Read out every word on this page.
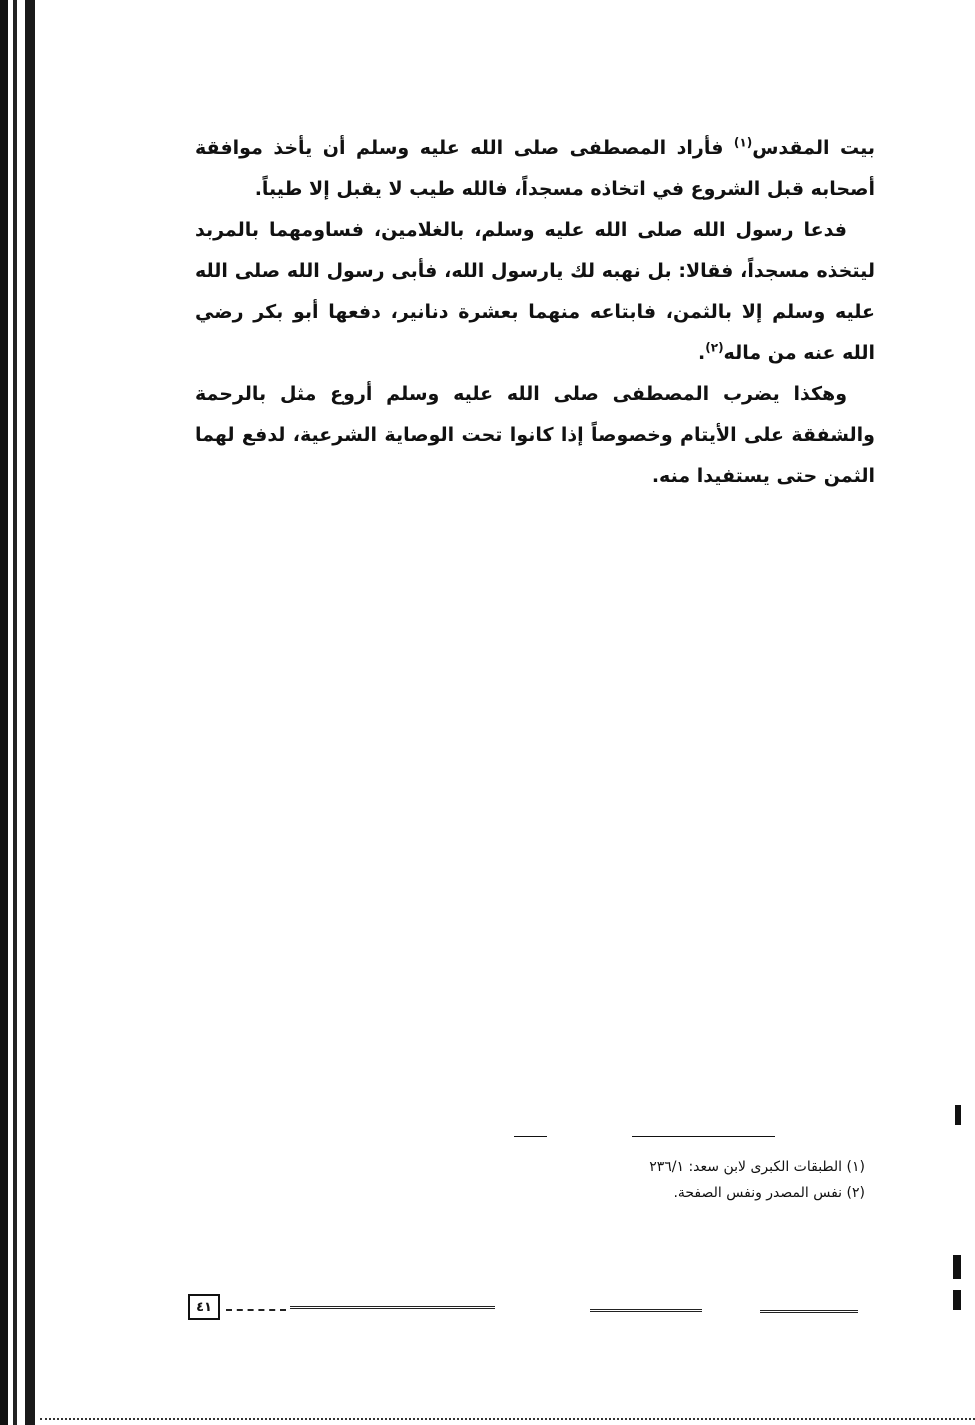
بيت المقدس$^{(١)}$ فأراد المصطفى صلى الله عليه وسلم أن يأخذ موافقة أصحابه قبل الشروع في اتخاذه مسجداً، فالله طيب لا يقبل إلا طيباً.

فدعا رسول الله صلى الله عليه وسلم، بالغلامين، فساومهما بالمربد ليتخذه مسجداً، فقالا: بل نهبه لك يارسول الله، فأبى رسول الله صلى الله عليه وسلم إلا بالثمن، فابتاعه منهما بعشرة دنانير، دفعها أبو بكر رضي الله عنه من ماله$^{(٢)}$.

وهكذا يضرب المصطفى صلى الله عليه وسلم أروع مثل بالرحمة والشفقة على الأيتام وخصوصاً إذا كانوا تحت الوصاية الشرعية، لدفع لهما الثمن حتى يستفيدا منه.

(١) الطبقات الكبرى لابن سعد: ٢٣٦/١

(٢) نفس المصدر ونفس الصفحة.

٤١
